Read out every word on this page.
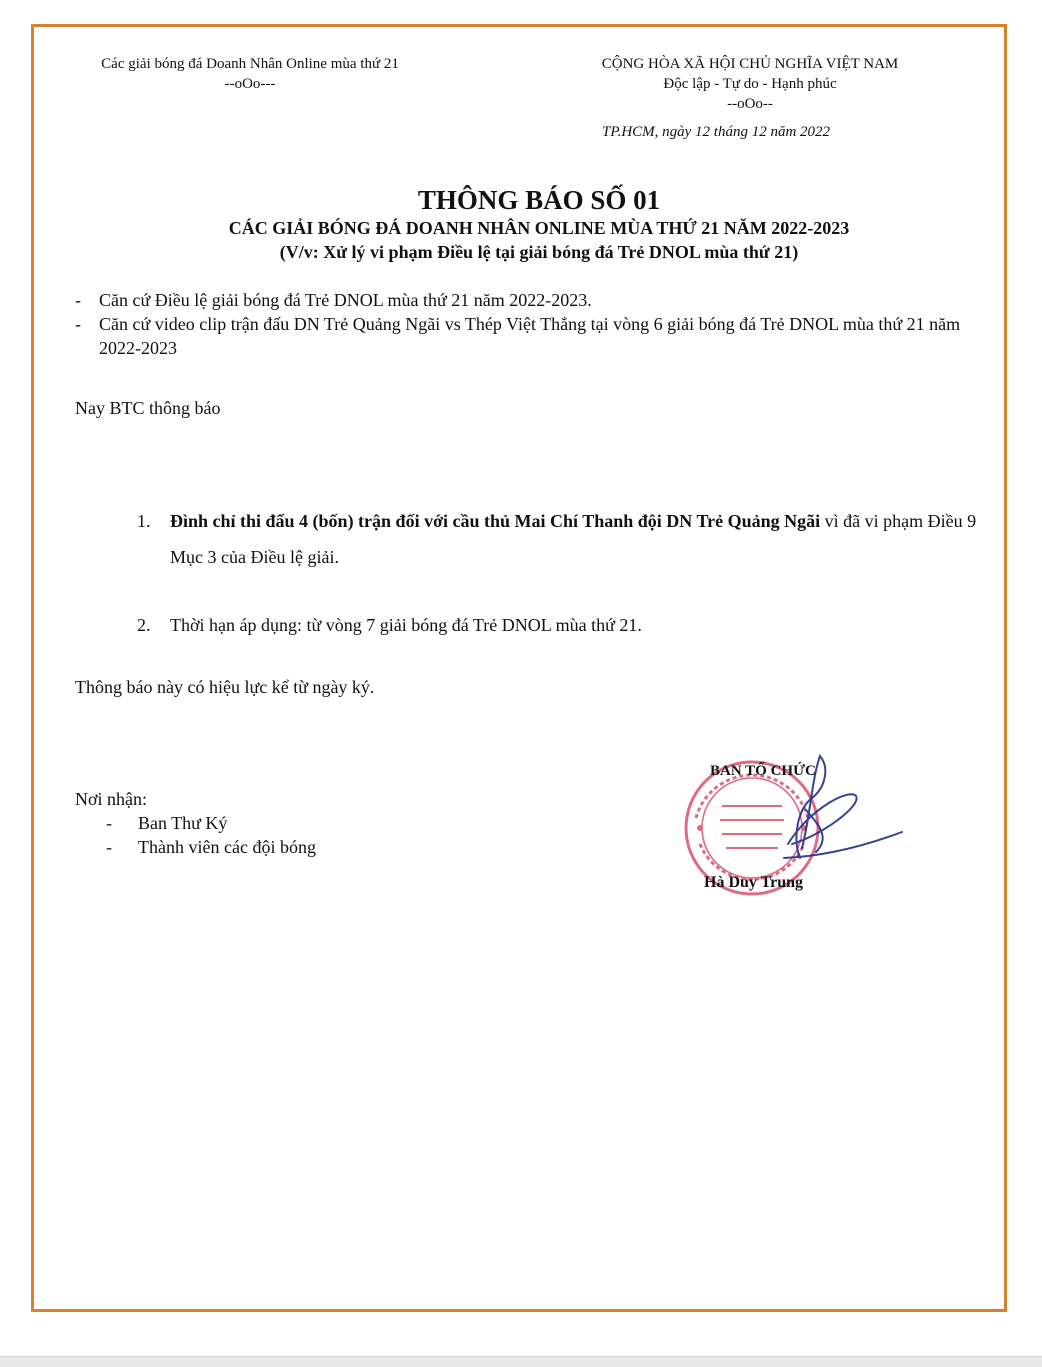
Các giải bóng đá Doanh Nhân Online mùa thứ 21
--oOo---
CỘNG HÒA XÃ HỘI CHỦ NGHĨA VIỆT NAM
Độc lập - Tự do - Hạnh phúc
--oOo--
TP.HCM, ngày 12 tháng 12 năm 2022
THÔNG BÁO SỐ 01
CÁC GIẢI BÓNG ĐÁ DOANH NHÂN ONLINE MÙA THỨ 21 NĂM 2022-2023
(V/v: Xử lý vi phạm Điều lệ tại giải bóng đá Trẻ DNOL mùa thứ 21)
- Căn cứ Điều lệ giải bóng đá Trẻ DNOL mùa thứ 21 năm 2022-2023.
- Căn cứ video clip trận đấu DN Trẻ Quảng Ngãi vs Thép Việt Thắng tại vòng 6 giải bóng đá Trẻ DNOL mùa thứ 21 năm 2022-2023
Nay BTC thông báo
1. Đình chỉ thi đấu 4 (bốn) trận đối với cầu thủ Mai Chí Thanh đội DN Trẻ Quảng Ngãi vì đã vi phạm Điều 9 Mục 3 của Điều lệ giải.
2. Thời hạn áp dụng: từ vòng 7 giải bóng đá Trẻ DNOL mùa thứ 21.
Thông báo này có hiệu lực kể từ ngày ký.
Nơi nhận:
- Ban Thư Ký
- Thành viên các đội bóng
BAN TỔ CHỨC
Hà Duy Trung
